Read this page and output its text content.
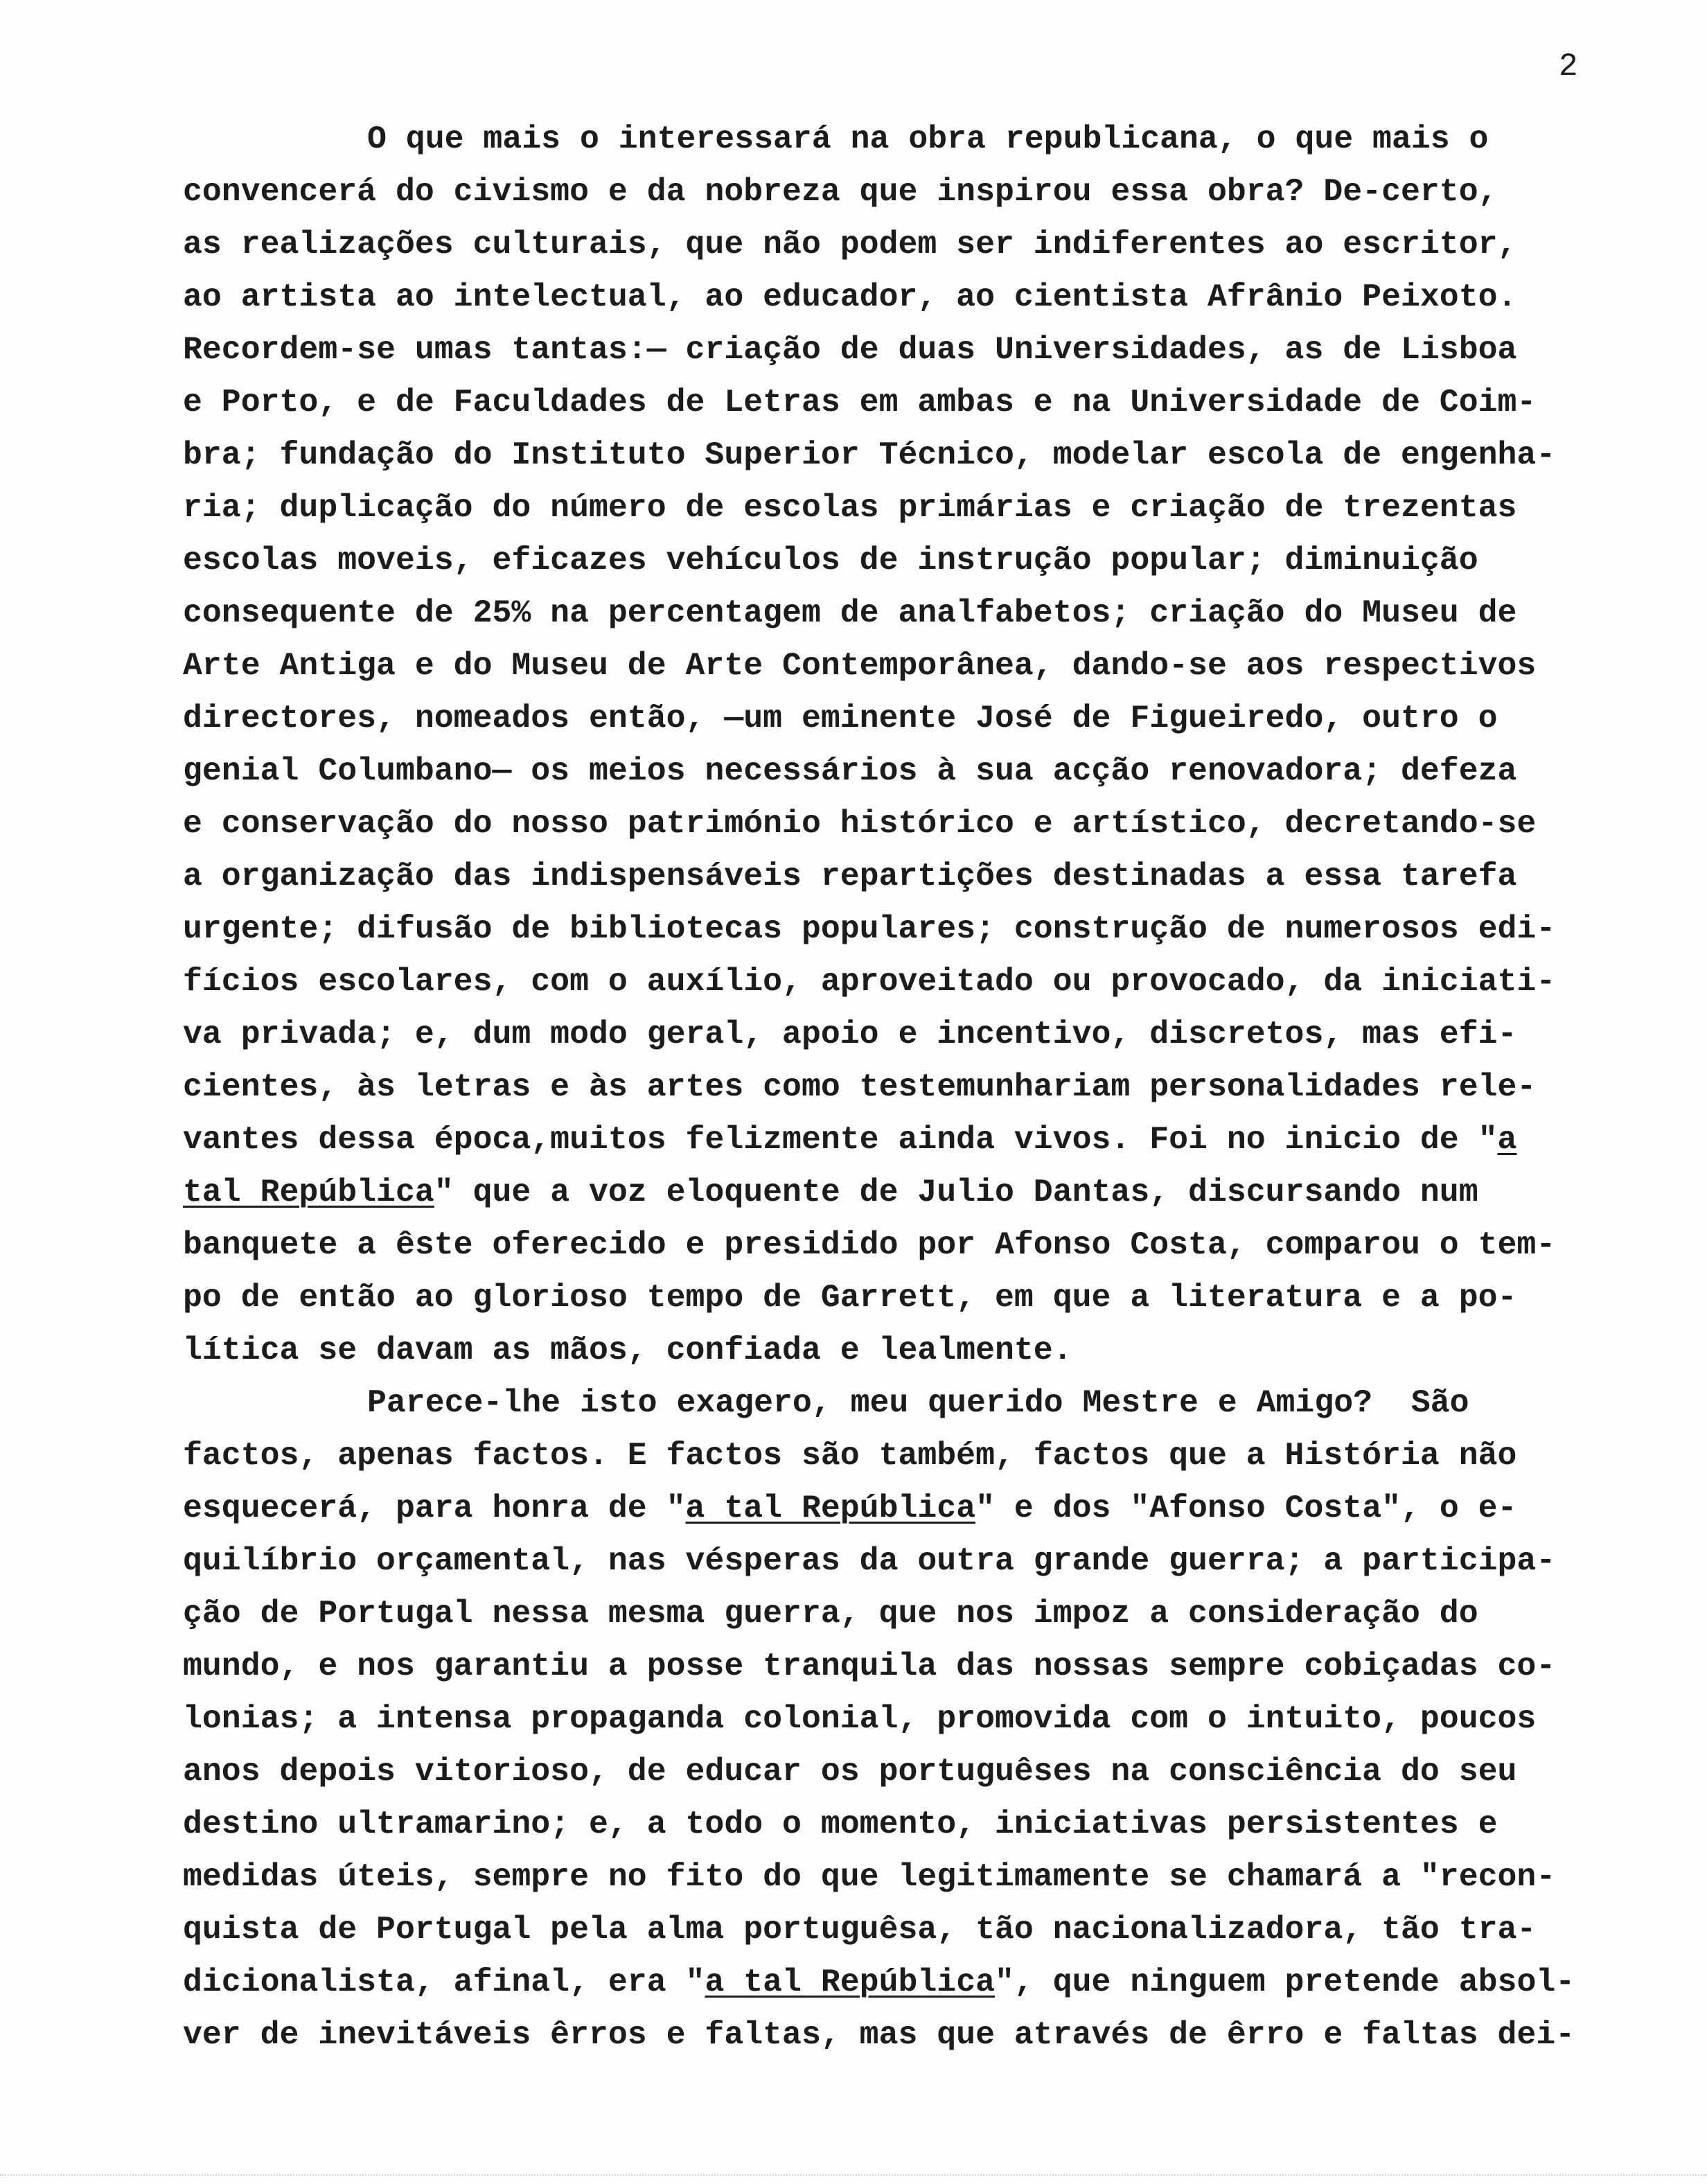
2
O que mais o interessará na obra republicana, o que mais o
convencerá do civismo e da nobreza que inspirou essa obra? De-certo,
as realizações culturais, que não podem ser indiferentes ao escritor,
ao artista ao intelectual, ao educador, ao cientista Afrânio Peixoto.
Recordem-se umas tantas:— criação de duas Universidades, as de Lisboa
e Porto, e de Faculdades de Letras em ambas e na Universidade de Coim-
bra; fundação do Instituto Superior Técnico, modelar escola de engenha-
ria; duplicação do número de escolas primárias e criação de trezentas
escolas moveis, eficazes vehículos de instrução popular; diminuição
consequente de 25% na percentagem de analfabetos; criação do Museu de
Arte Antiga e do Museu de Arte Contemporânea, dando-se aos respectivos
directores, nomeados então, —um eminente José de Figueiredo, outro o
genial Columbano— os meios necessários à sua acção renovadora; defeza
e conservação do nosso património histórico e artístico, decretando-se
a organização das indispensáveis repartições destinadas a essa tarefa
urgente; difusão de bibliotecas populares; construção de numerosos edi-
fícios escolares, com o auxílio, aproveitado ou provocado, da iniciati-
va privada; e, dum modo geral, apoio e incentivo, discretos, mas efi-
cientes, às letras e às artes como testemunhariam personalidades rele-
vantes dessa época,muitos felizmente ainda vivos. Foi no inicio de "a
tal República" que a voz eloquente de Julio Dantas, discursando num
banquete a êste oferecido e presidido por Afonso Costa, comparou o tem-
po de então ao glorioso tempo de Garrett, em que a literatura e a po-
lítica se davam as mãos, confiada e lealmente.
Parece-lhe isto exagero, meu querido Mestre e Amigo?  São
factos, apenas factos. E factos são também, factos que a História não
esquecerá, para honra de "a tal República" e dos "Afonso Costa", o e-
quilíbrio orçamental, nas vésperas da outra grande guerra; a participa-
ção de Portugal nessa mesma guerra, que nos impoz a consideração do
mundo, e nos garantiu a posse tranquila das nossas sempre cobiçadas co-
lonias; a intensa propaganda colonial, promovida com o intuito, poucos
anos depois vitorioso, de educar os portuguêses na consciência do seu
destino ultramarino; e, a todo o momento, iniciativas persistentes e
medidas úteis, sempre no fito do que legitimamente se chamará a "recon-
quista de Portugal pela alma portuguêsa, tão nacionalizadora, tão tra-
dicionalista, afinal, era "a tal República", que ninguem pretende absol-
ver de inevitáveis êrros e faltas, mas que através de êrro e faltas dei-
